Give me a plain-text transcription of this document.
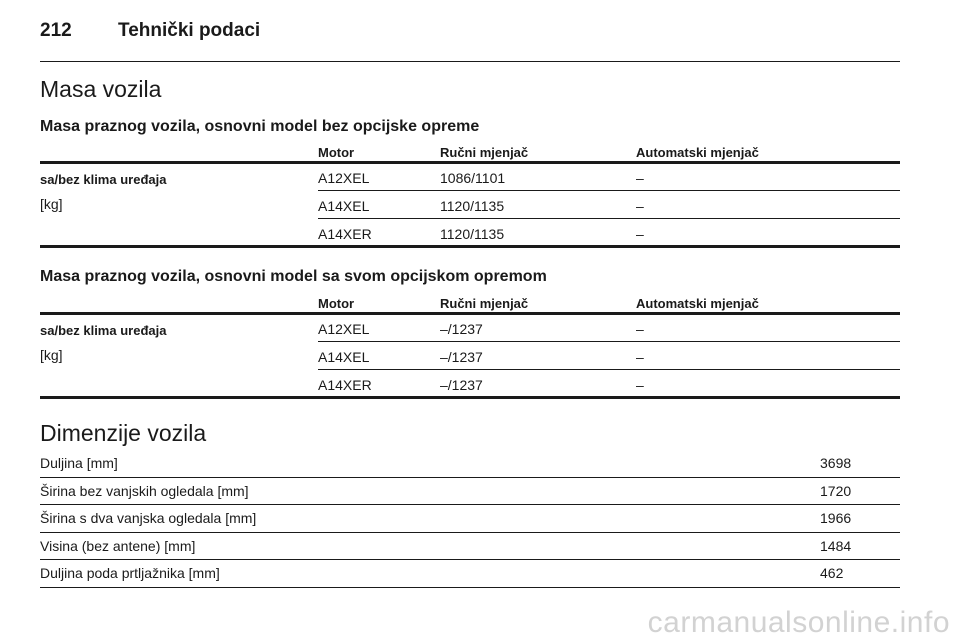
212 Tehnički podaci
Masa vozila
Masa praznog vozila, osnovni model bez opcijske opreme
Motor	Ručni mjenjač	Automatski mjenjač
sa/bez klima uređaja
[kg]
A12XEL	1086/1101	–
A14XEL	1120/1135	–
A14XER	1120/1135	–
Masa praznog vozila, osnovni model sa svom opcijskom opremom
Motor	Ručni mjenjač	Automatski mjenjač
sa/bez klima uređaja
[kg]
A12XEL	–/1237	–
A14XEL	–/1237	–
A14XER	–/1237	–
Dimenzije vozila
Duljina [mm]	3698
Širina bez vanjskih ogledala [mm]	1720
Širina s dva vanjska ogledala [mm]	1966
Visina (bez antene) [mm]	1484
Duljina poda prtljažnika [mm]	462
carmanualsonline.info
